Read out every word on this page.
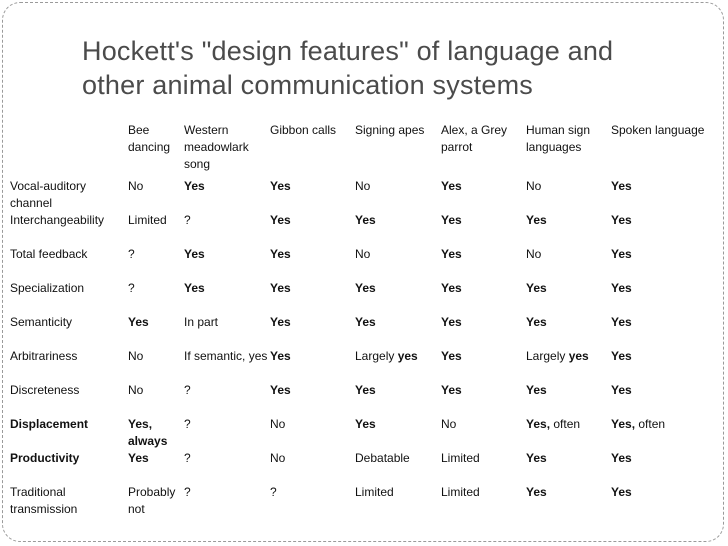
Hockett's "design features" of language and
other animal communication systems
	Bee dancing	Western meadowlark song	Gibbon calls	Signing apes	Alex, a Grey parrot	Human sign languages	Spoken language
Vocal-auditory channel	No	Yes	Yes	No	Yes	No	Yes
Interchangeability	Limited	?	Yes	Yes	Yes	Yes	Yes
Total feedback	?	Yes	Yes	No	Yes	No	Yes
Specialization	?	Yes	Yes	Yes	Yes	Yes	Yes
Semanticity	Yes	In part	Yes	Yes	Yes	Yes	Yes
Arbitrariness	No	If semantic, yes	Yes	Largely yes	Yes	Largely yes	Yes
Discreteness	No	?	Yes	Yes	Yes	Yes	Yes
Displacement	Yes, always	?	No	Yes	No	Yes, often	Yes, often
Productivity	Yes	?	No	Debatable	Limited	Yes	Yes
Traditional transmission	Probably not	?	?	Limited	Limited	Yes	Yes
